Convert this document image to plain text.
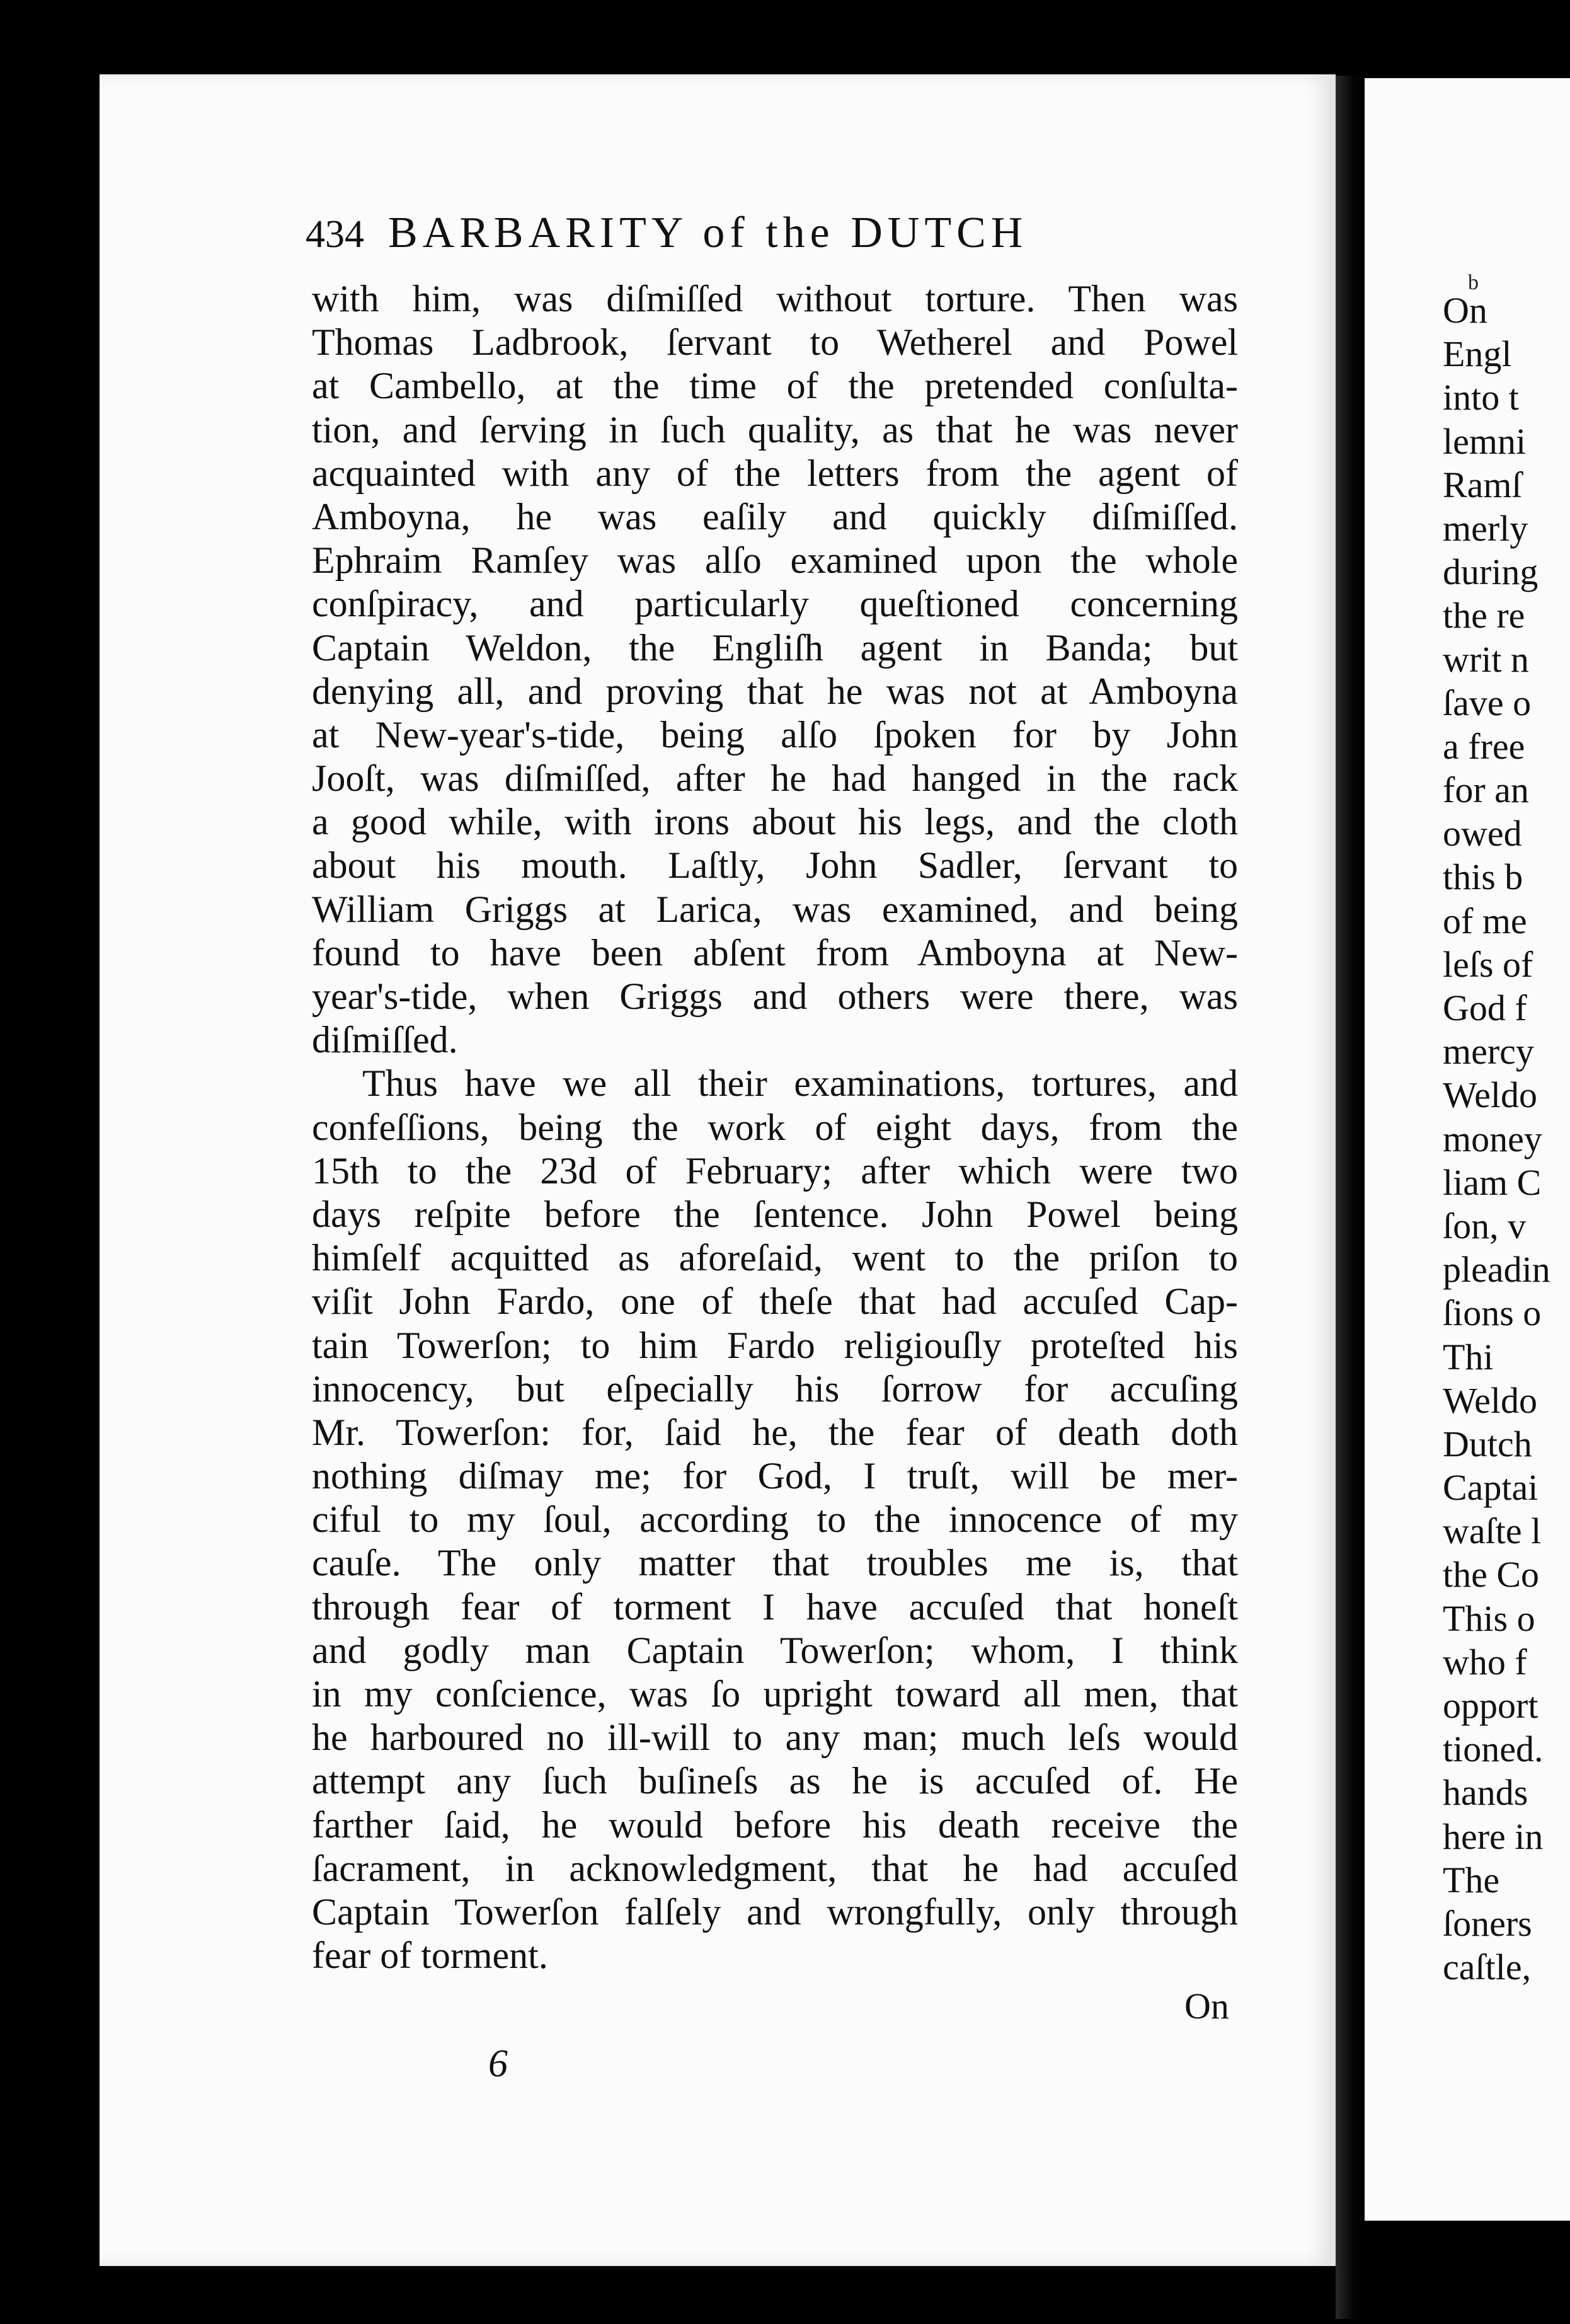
434 BARBARITY of the DUTCH
with him, was diſmiſſed without torture. Then was
Thomas Ladbrook, ſervant to Wetherel and Powel
at Cambello, at the time of the pretended conſulta-
tion, and ſerving in ſuch quality, as that he was never
acquainted with any of the letters from the agent of
Amboyna, he was eaſily and quickly diſmiſſed.
Ephraim Ramſey was alſo examined upon the whole
conſpiracy, and particularly queſtioned concerning
Captain Weldon, the Engliſh agent in Banda; but
denying all, and proving that he was not at Amboyna
at New-year's-tide, being alſo ſpoken for by John
Jooſt, was diſmiſſed, after he had hanged in the rack
a good while, with irons about his legs, and the cloth
about his mouth. Laſtly, John Sadler, ſervant to
William Griggs at Larica, was examined, and being
found to have been abſent from Amboyna at New-
year's-tide, when Griggs and others were there, was
diſmiſſed.
Thus have we all their examinations, tortures, and
confeſſions, being the work of eight days, from the
15th to the 23d of February; after which were two
days reſpite before the ſentence. John Powel being
himſelf acquitted as aforeſaid, went to the priſon to
viſit John Fardo, one of theſe that had accuſed Cap-
tain Towerſon; to him Fardo religiouſly proteſted his
innocency, but eſpecially his ſorrow for accuſing
Mr. Towerſon: for, ſaid he, the fear of death doth
nothing diſmay me; for God, I truſt, will be mer-
ciful to my ſoul, according to the innocence of my
cauſe. The only matter that troubles me is, that
through fear of torment I have accuſed that honeſt
and godly man Captain Towerſon; whom, I think
in my conſcience, was ſo upright toward all men, that
he harboured no ill-will to any man; much leſs would
attempt any ſuch buſineſs as he is accuſed of. He
farther ſaid, he would before his death receive the
ſacrament, in acknowledgment, that he had accuſed
Captain Towerſon falſely and wrongfully, only through
fear of torment.
On
6
b
On
Engl
into t
lemni
Ramſ
merly
during
the re
writ n
ſave o
a free
for an
owed
this b
of me
leſs of
God f
mercy
Weldo
money
liam C
ſon, v
pleadin
ſions o
Thi
Weldo
Dutch
Captai
waſte l
the Co
This o
who f
opport
tioned.
hands
here in
The
ſoners
caſtle,
